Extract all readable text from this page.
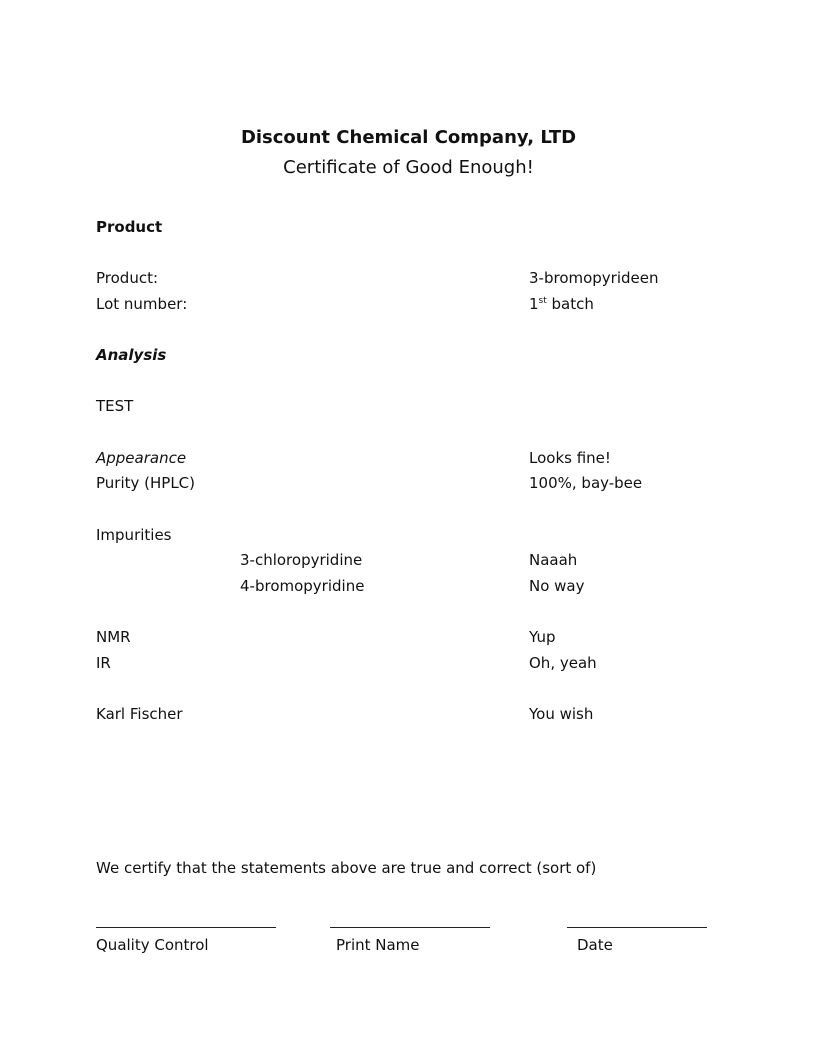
Discount Chemical Company, LTD
Certificate of Good Enough!
Product
Product:	3-bromopyrideen
Lot number:	1st batch
Analysis
TEST
Appearance	Looks fine!
Purity (HPLC)	100%, bay-bee
Impurities
3-chloropyridine	Naaah
4-bromopyridine	No way
NMR	Yup
IR	Oh, yeah
Karl Fischer	You wish
We certify that the statements above are true and correct (sort of)
Quality Control	Print Name	Date
